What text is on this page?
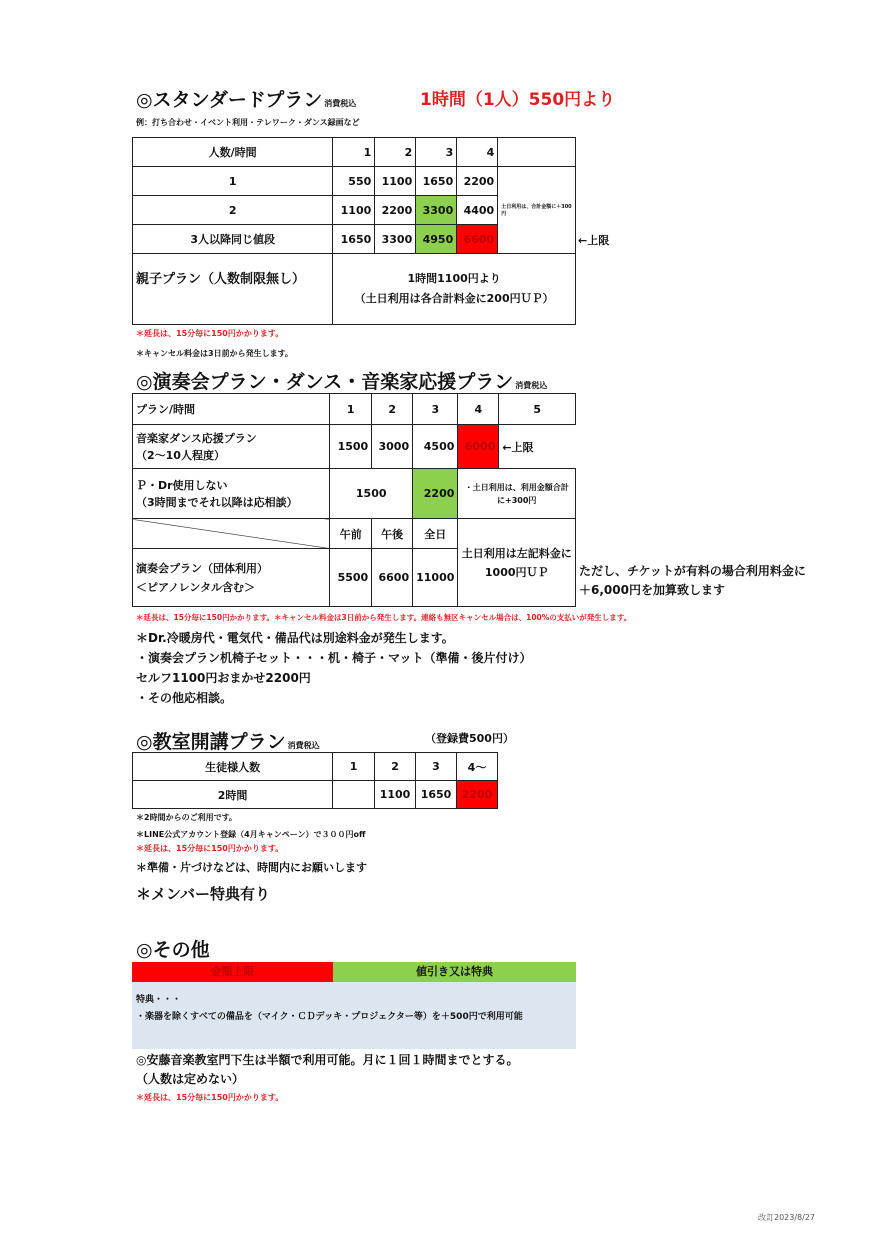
◎スタンダードプラン 消費税込	1時間（1人）550円より
例：打ち合わせ・イベント利用・テレワーク・ダンス録画など
人数/時間	1	2	3	4	
1	550	1100	1650	2200	土日利用は、合計金額に＋300円
2	1100	2200	3300	4400	
3人以降同じ値段	1650	3300	4950	6600	
親子プラン（人数制限無し）	1時間1100円より
（土日利用は各合計料金に200円ＵＰ）				
←上限
＊延長は、15分毎に150円かかります。
＊キャンセル料金は3日前から発生します。
◎演奏会プラン・ダンス・音楽家応援プラン 消費税込
プラン/時間	1	2	3	4	5

音楽家ダンス応援プラン
（2〜10人程度）	1500	3000	4500	6000	←上限

Ｐ・Dr使用しない
（3時間までそれ以降は応相談）	1500		2200	・土日利用は、利用金額合計に+300円	
	午前	午後	全日	土日利用は左記料金に1000円ＵＰ	

演奏会プラン（団体利用）
＜ピアノレンタル含む＞	5500	6600	11000			ただし、チケットが有料の場合利用料金に
＋6,000円を加算致します
＊延長は、15分毎に150円かかります。＊キャンセル料金は3日前から発生します。連絡も無区キャンセル場合は、100%の支払いが発生します。
＊Dr.冷暖房代・電気代・備品代は別途料金が発生します。
・演奏会プラン机椅子セット・・・机・椅子・マット（準備・後片付け）
セルフ1100円おまかせ2200円
・その他応相談。
◎教室開講プラン 消費税込
（登録費500円）
生徒様人数	1	2	3	4〜
2時間		1100	1650	2200
＊2時間からのご利用です。
＊LINE公式アカウント登録（4月キャンペーン）で３００円off
＊延長は、15分毎に150円かかります。
＊準備・片づけなどは、時間内にお願いします
＊メンバー特典有り
◎その他
金額上限	値引き又は特典
特典・・・
・楽器を除くすべての備品を（マイク・ＣＤデッキ・プロジェクター等）を＋500円で利用可能
◎安藤音楽教室門下生は半額で利用可能。月に１回１時間までとする。
（人数は定めない）
＊延長は、15分毎に150円かかります。
改訂2023/8/27
